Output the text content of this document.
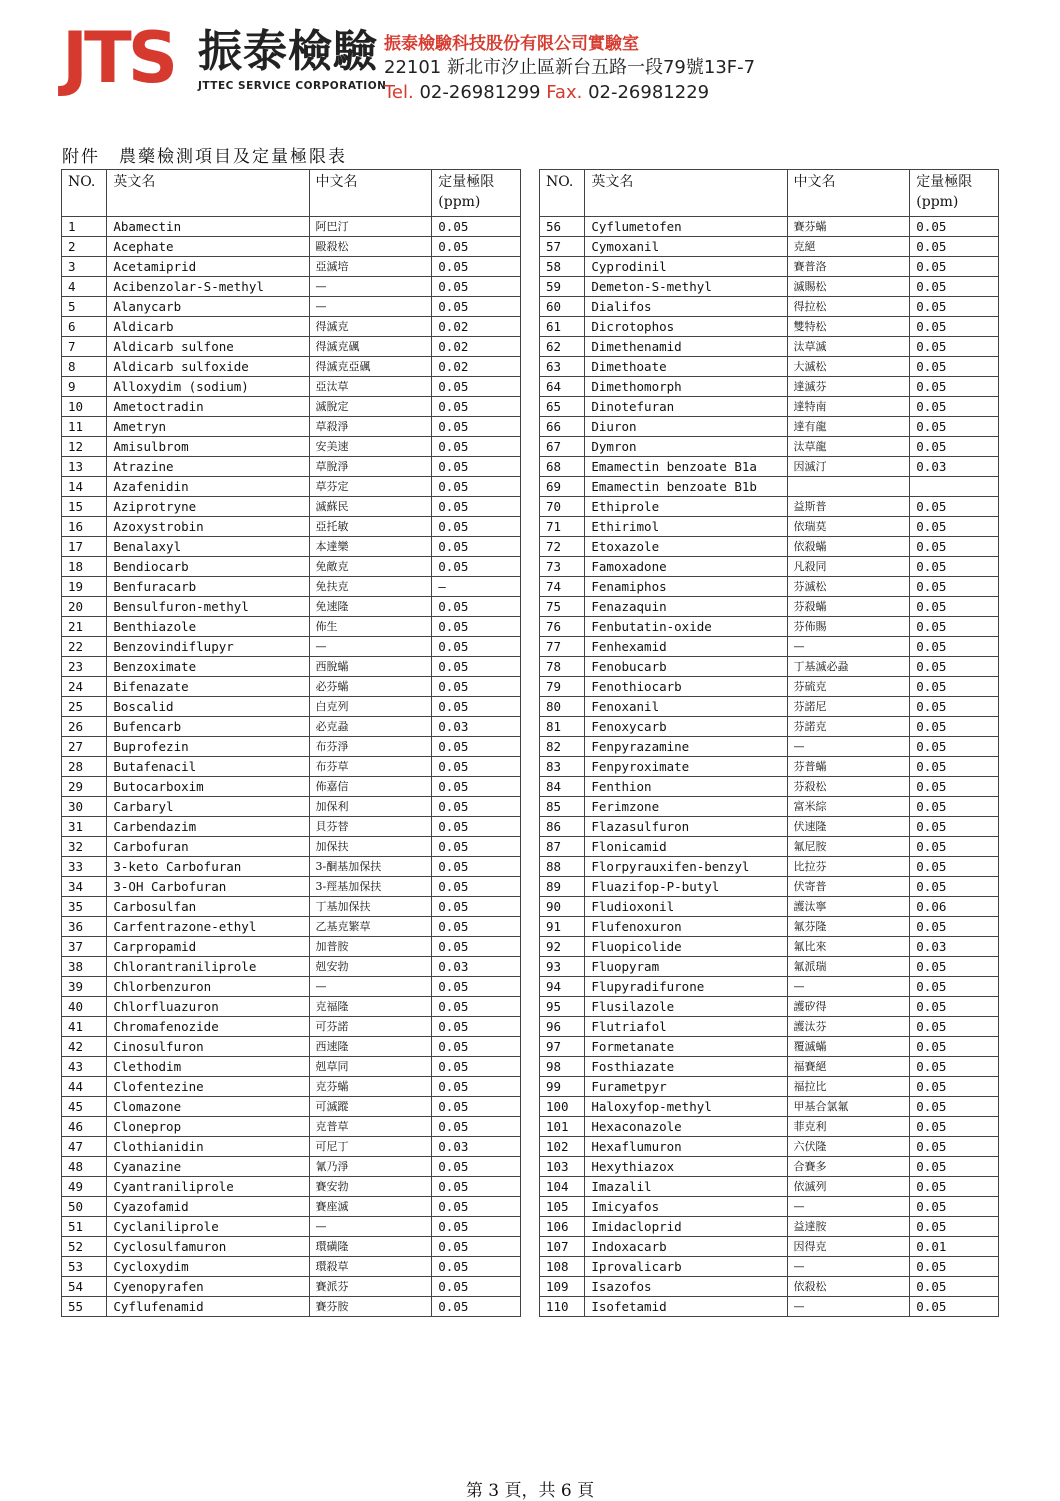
JTS 振泰檢驗
JTTEC SERVICE CORPORATION
振泰檢驗科技股份有限公司實驗室
22101 新北市汐止區新台五路一段79號13F-7
Tel. 02-26981299 Fax. 02-26981229
附件　農藥檢測項目及定量極限表
NO.	英文名	中文名	定量極限
(ppm)
1	Abamectin	阿巴汀	0.05
2	Acephate	毆殺松	0.05
3	Acetamiprid	亞滅培	0.05
4	Acibenzolar-S-methyl	—	0.05
5	Alanycarb	—	0.05
6	Aldicarb	得滅克	0.02
7	Aldicarb sulfone	得滅克碸	0.02
8	Aldicarb sulfoxide	得滅克亞碸	0.02
9	Alloxydim (sodium)	亞汰草	0.05
10	Ametoctradin	滅脫定	0.05
11	Ametryn	草殺淨	0.05
12	Amisulbrom	安美速	0.05
13	Atrazine	草脫淨	0.05
14	Azafenidin	草芬定	0.05
15	Aziprotryne	滅蘇民	0.05
16	Azoxystrobin	亞托敏	0.05
17	Benalaxyl	本達樂	0.05
18	Bendiocarb	免敵克	0.05
19	Benfuracarb	免扶克	—
20	Bensulfuron-methyl	免速隆	0.05
21	Benthiazole	佈生	0.05
22	Benzovindiflupyr	—	0.05
23	Benzoximate	西脫蟎	0.05
24	Bifenazate	必芬蟎	0.05
25	Boscalid	白克列	0.05
26	Bufencarb	必克蝨	0.03
27	Buprofezin	布芬淨	0.05
28	Butafenacil	布芬草	0.05
29	Butocarboxim	佈嘉信	0.05
30	Carbaryl	加保利	0.05
31	Carbendazim	貝芬替	0.05
32	Carbofuran	加保扶	0.05
33	3-keto Carbofuran	3-酮基加保扶	0.05
34	3-OH Carbofuran	3-羥基加保扶	0.05
35	Carbosulfan	丁基加保扶	0.05
36	Carfentrazone-ethyl	乙基克繁草	0.05
37	Carpropamid	加普胺	0.05
38	Chlorantraniliprole	剋安勃	0.03
39	Chlorbenzuron	—	0.05
40	Chlorfluazuron	克福隆	0.05
41	Chromafenozide	可芬諾	0.05
42	Cinosulfuron	西速隆	0.05
43	Clethodim	剋草同	0.05
44	Clofentezine	克芬蟎	0.05
45	Clomazone	可滅蹤	0.05
46	Cloneprop	克普草	0.05
47	Clothianidin	可尼丁	0.03
48	Cyanazine	氰乃淨	0.05
49	Cyantraniliprole	賽安勃	0.05
50	Cyazofamid	賽座滅	0.05
51	Cyclaniliprole	—	0.05
52	Cyclosulfamuron	環磺隆	0.05
53	Cycloxydim	環殺草	0.05
54	Cyenopyrafen	賽派芬	0.05
55	Cyflufenamid	賽芬胺	0.05
NO.	英文名	中文名	定量極限
(ppm)
56	Cyflumetofen	賽芬蟎	0.05
57	Cymoxanil	克絕	0.05
58	Cyprodinil	賽普洛	0.05
59	Demeton-S-methyl	滅賜松	0.05
60	Dialifos	得拉松	0.05
61	Dicrotophos	雙特松	0.05
62	Dimethenamid	汰草滅	0.05
63	Dimethoate	大滅松	0.05
64	Dimethomorph	達滅芬	0.05
65	Dinotefuran	達特南	0.05
66	Diuron	達有龍	0.05
67	Dymron	汰草龍	0.05
68	Emamectin benzoate B1a	因滅汀	0.03
69	Emamectin benzoate B1b		
70	Ethiprole	益斯普	0.05
71	Ethirimol	依瑞莫	0.05
72	Etoxazole	依殺蟎	0.05
73	Famoxadone	凡殺同	0.05
74	Fenamiphos	芬滅松	0.05
75	Fenazaquin	芬殺蟎	0.05
76	Fenbutatin-oxide	芬佈賜	0.05
77	Fenhexamid	—	0.05
78	Fenobucarb	丁基滅必蝨	0.05
79	Fenothiocarb	芬硫克	0.05
80	Fenoxanil	芬諾尼	0.05
81	Fenoxycarb	芬諾克	0.05
82	Fenpyrazamine	—	0.05
83	Fenpyroximate	芬普蟎	0.05
84	Fenthion	芬殺松	0.05
85	Ferimzone	富米綜	0.05
86	Flazasulfuron	伏速隆	0.05
87	Flonicamid	氟尼胺	0.05
88	Florpyrauxifen-benzyl	比拉芬	0.05
89	Fluazifop-P-butyl	伏寄普	0.05
90	Fludioxonil	護汰寧	0.06
91	Flufenoxuron	氟芬隆	0.05
92	Fluopicolide	氟比來	0.03
93	Fluopyram	氟派瑞	0.05
94	Flupyradifurone	—	0.05
95	Flusilazole	護矽得	0.05
96	Flutriafol	護汰芬	0.05
97	Formetanate	覆滅蟎	0.05
98	Fosthiazate	福賽絕	0.05
99	Furametpyr	福拉比	0.05
100	Haloxyfop-methyl	甲基合氯氟	0.05
101	Hexaconazole	菲克利	0.05
102	Hexaflumuron	六伏隆	0.05
103	Hexythiazox	合賽多	0.05
104	Imazalil	依滅列	0.05
105	Imicyafos	—	0.05
106	Imidacloprid	益達胺	0.05
107	Indoxacarb	因得克	0.01
108	Iprovalicarb	—	0.05
109	Isazofos	依殺松	0.05
110	Isofetamid	—	0.05
第 3 頁，共 6 頁
